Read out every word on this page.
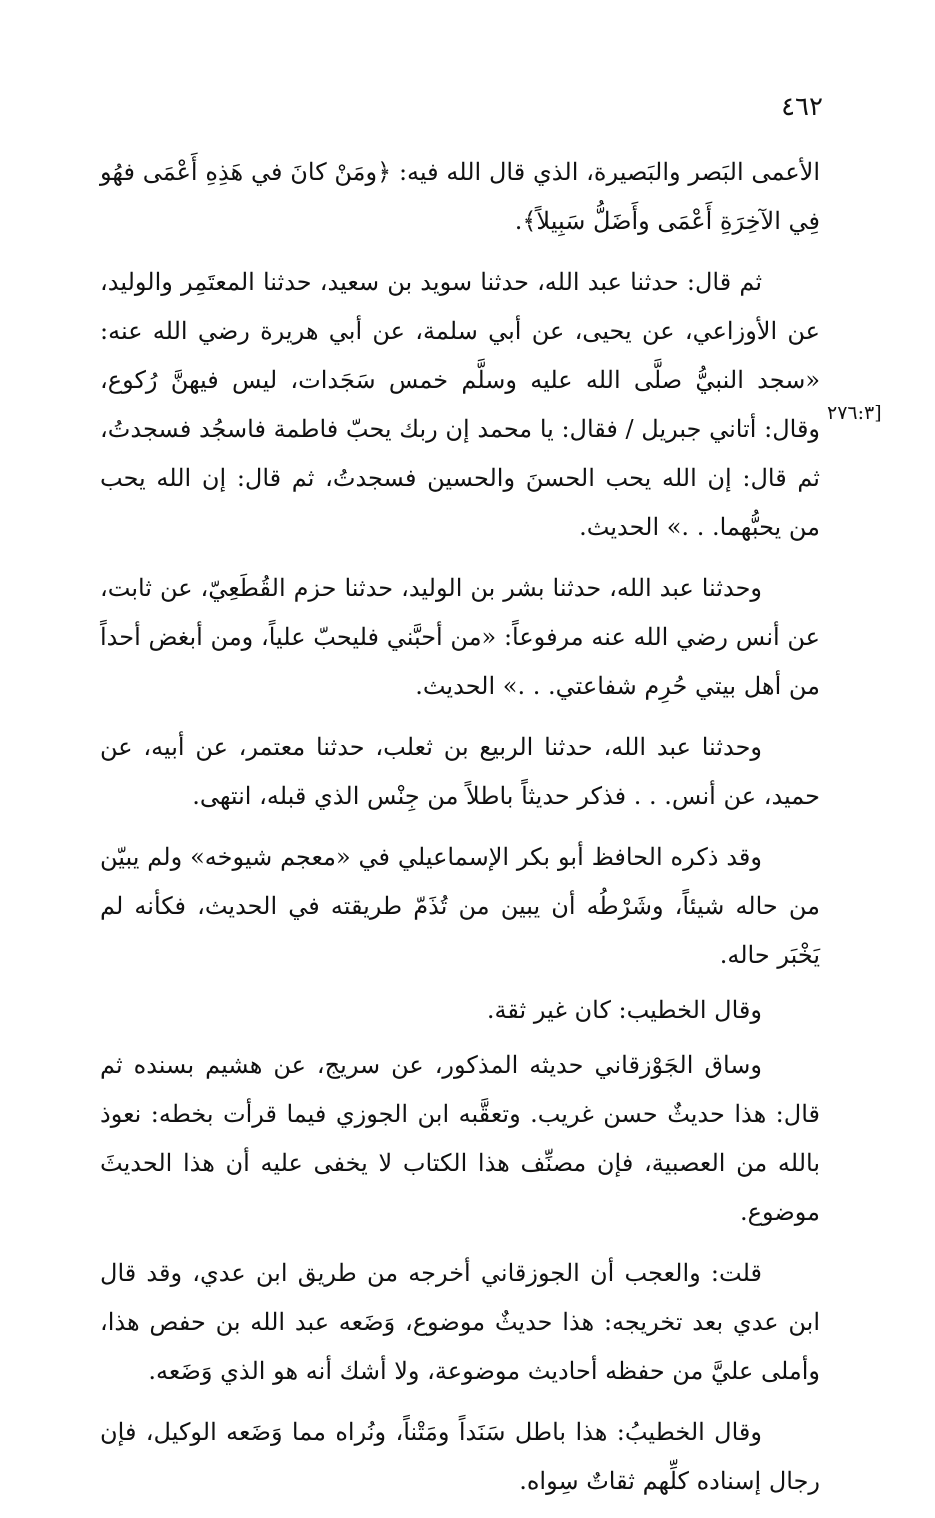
٤٦٢
[٢٧٦:٣

الأعمى البَصر والبَصيرة، الذي قال الله فيه: ﴿ومَنْ كانَ في هَذِهِ أَعْمَى فهُو فِي الآخِرَةِ أَعْمَى وأَضَلُّ سَبِيلاً﴾.

ثم قال: حدثنا عبد الله، حدثنا سويد بن سعيد، حدثنا المعتَمِر والوليد، عن الأوزاعي، عن يحيى، عن أبي سلمة، عن أبي هريرة رضي الله عنه: «سجد النبيُّ صلَّى الله عليه وسلَّم خمس سَجَدات، ليس فيهنَّ رُكوع، وقال: أتاني جبريل / فقال: يا محمد إن ربك يحبّ فاطمة فاسجُد فسجدتُ، ثم قال: إن الله يحب الحسنَ والحسين فسجدتُ، ثم قال: إن الله يحب من يحبُّهما. . .» الحديث.

وحدثنا عبد الله، حدثنا بشر بن الوليد، حدثنا حزم القُطَعِيّ، عن ثابت، عن أنس رضي الله عنه مرفوعاً: «من أحبَّني فليحبّ علياً، ومن أبغض أحداً من أهل بيتي حُرِم شفاعتي. . .» الحديث.

وحدثنا عبد الله، حدثنا الربيع بن ثعلب، حدثنا معتمر، عن أبيه، عن حميد، عن أنس. . . فذكر حديثاً باطلاً من جِنْس الذي قبله، انتهى.

وقد ذكره الحافظ أبو بكر الإسماعيلي في «معجم شيوخه» ولم يبيّن من حاله شيئاً، وشَرْطُه أن يبين من تُذَمّ طريقته في الحديث، فكأنه لم يَخْبَر حاله.

وقال الخطيب: كان غير ثقة.

وساق الجَوْزقاني حديثه المذكور، عن سريج، عن هشيم بسنده ثم قال: هذا حديثٌ حسن غريب. وتعقَّبه ابن الجوزي فيما قرأت بخطه: نعوذ بالله من العصبية، فإن مصنِّف هذا الكتاب لا يخفى عليه أن هذا الحديثَ موضوع.

قلت: والعجب أن الجوزقاني أخرجه من طريق ابن عدي، وقد قال ابن عدي بعد تخريجه: هذا حديثٌ موضوع، وَضَعه عبد الله بن حفص هذا، وأملى عليَّ من حفظه أحاديث موضوعة، ولا أشك أنه هو الذي وَضَعه.

وقال الخطيبُ: هذا باطل سَنَداً ومَتْناً، ونُراه مما وَضَعه الوكيل، فإن رجال إسناده كلِّهم ثقاتٌ سِواه.
